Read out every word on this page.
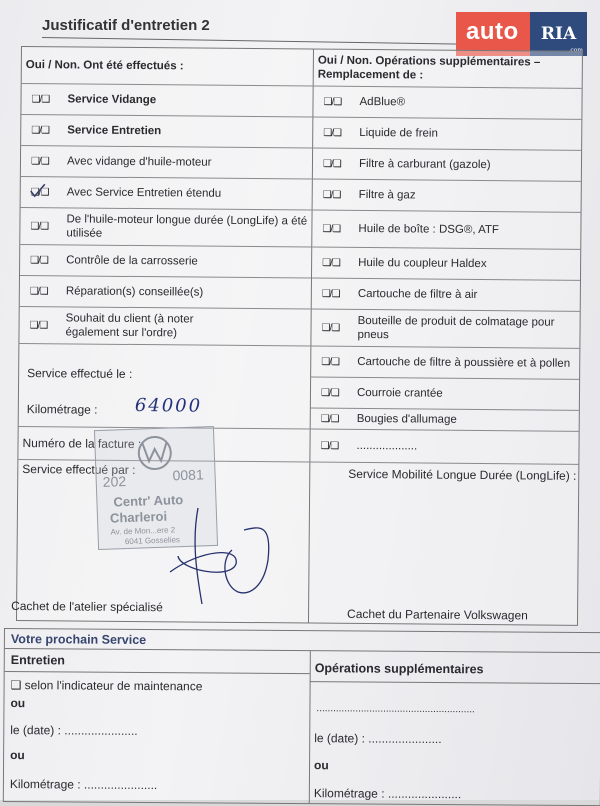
Justificatif d'entretien 2	auto	RIA
.com
Oui / Non. Ont été effectués :
❑/❑	Service Vidange
❑/❑	Service Entretien
❑/❑	Avec vidange d'huile-moteur
❑/❑	Avec Service Entretien étendu
❑/❑	De l'huile-moteur longue durée (LongLife) a été utilisée
❑/❑	Contrôle de la carrosserie
❑/❑	Réparation(s) conseillée(s)
❑/❑	Souhait du client (à noter également sur l'ordre)
Service effectué le :
Kilométrage : 64000
Numéro de la facture :
Service effectué par :
Cachet de l'atelier spécialisé
Oui / Non. Opérations supplémentaires – Remplacement de :
❑/❑	AdBlue®
❑/❑	Liquide de frein
❑/❑	Filtre à carburant (gazole)
❑/❑	Filtre à gaz
❑/❑	Huile de boîte : DSG®, ATF
❑/❑	Huile du coupleur Haldex
❑/❑	Cartouche de filtre à air
❑/❑	Bouteille de produit de colmatage pour pneus
❑/❑	Cartouche de filtre à poussière et à pollen
❑/❑	Courroie crantée
❑/❑	Bougies d'allumage
❑/❑	...................
Service Mobilité Longue Durée (LongLife) :
Cachet du Partenaire Volkswagen
202	0081
Centr' Auto
Charleroi
Av. de Mon...ere 2
6041 Gosselies
Votre prochain Service
Entretien
Opérations supplémentaires
❑ selon l'indicateur de maintenance
ou
le (date) : ......................
ou
Kilométrage : ......................
.........................................................
le (date) : ......................
ou
Kilométrage : ......................
